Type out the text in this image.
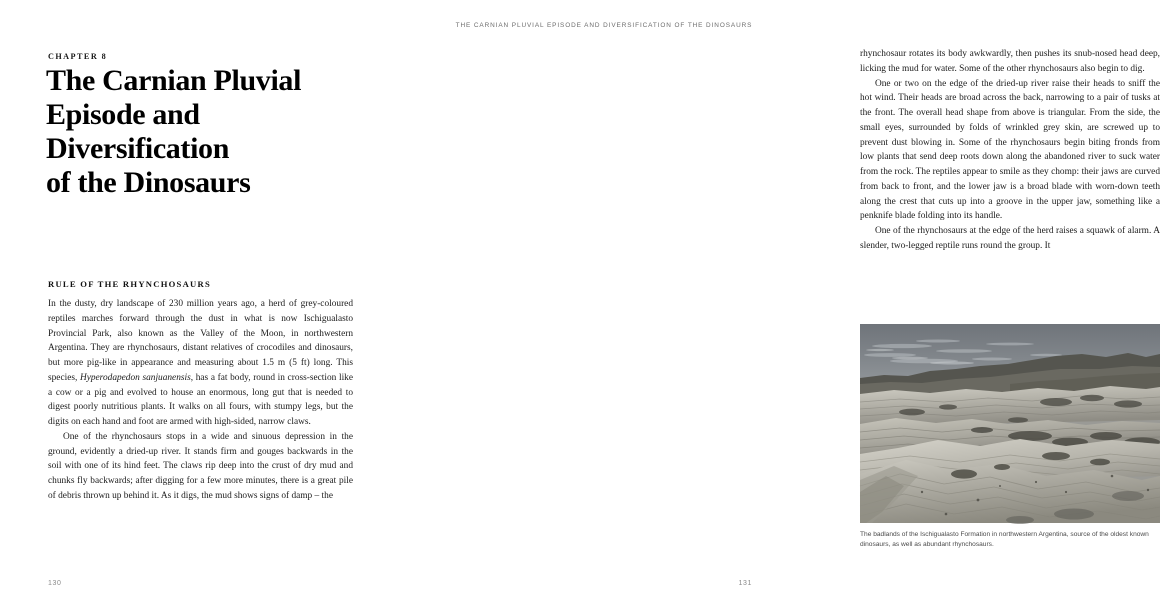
CHAPTER 8
The Carnian Pluvial
Episode and
Diversification
of the Dinosaurs
RULE OF THE RHYNCHOSAURS

In the dusty, dry landscape of 230 million years ago, a herd of grey-coloured reptiles marches forward through the dust in what is now Ischigualasto Provincial Park, also known as the Valley of the Moon, in northwestern Argentina. They are rhynchosaurs, distant relatives of crocodiles and dinosaurs, but more pig-like in appearance and measuring about 1.5 m (5 ft) long. This species, Hyperodapedon sanjuanensis, has a fat body, round in cross-section like a cow or a pig and evolved to house an enormous, long gut that is needed to digest poorly nutritious plants. It walks on all fours, with stumpy legs, but the digits on each hand and foot are armed with high-sided, narrow claws.

One of the rhynchosaurs stops in a wide and sinuous depression in the ground, evidently a dried-up river. It stands firm and gouges backwards in the soil with one of its hind feet. The claws rip deep into the crust of dry mud and chunks fly backwards; after digging for a few more minutes, there is a great pile of debris thrown up behind it. As it digs, the mud shows signs of damp – the

130
THE CARNIAN PLUVIAL EPISODE AND DIVERSIFICATION OF THE DINOSAURS

rhynchosaur rotates its body awkwardly, then pushes its snub-nosed head deep, licking the mud for water. Some of the other rhynchosaurs also begin to dig.

One or two on the edge of the dried-up river raise their heads to sniff the hot wind. Their heads are broad across the back, narrowing to a pair of tusks at the front. The overall head shape from above is triangular. From the side, the small eyes, surrounded by folds of wrinkled grey skin, are screwed up to prevent dust blowing in. Some of the rhynchosaurs begin biting fronds from low plants that send deep roots down along the abandoned river to suck water from the rock. The reptiles appear to smile as they chomp: their jaws are curved from back to front, and the lower jaw is a broad blade with worn-down teeth along the crest that cuts up into a groove in the upper jaw, something like a penknife blade folding into its handle.

One of the rhynchosaurs at the edge of the herd raises a squawk of alarm. A slender, two-legged reptile runs round the group. It

The badlands of the Ischigualasto Formation in northwestern Argentina, source of the oldest known dinosaurs, as well as abundant rhynchosaurs.
131
